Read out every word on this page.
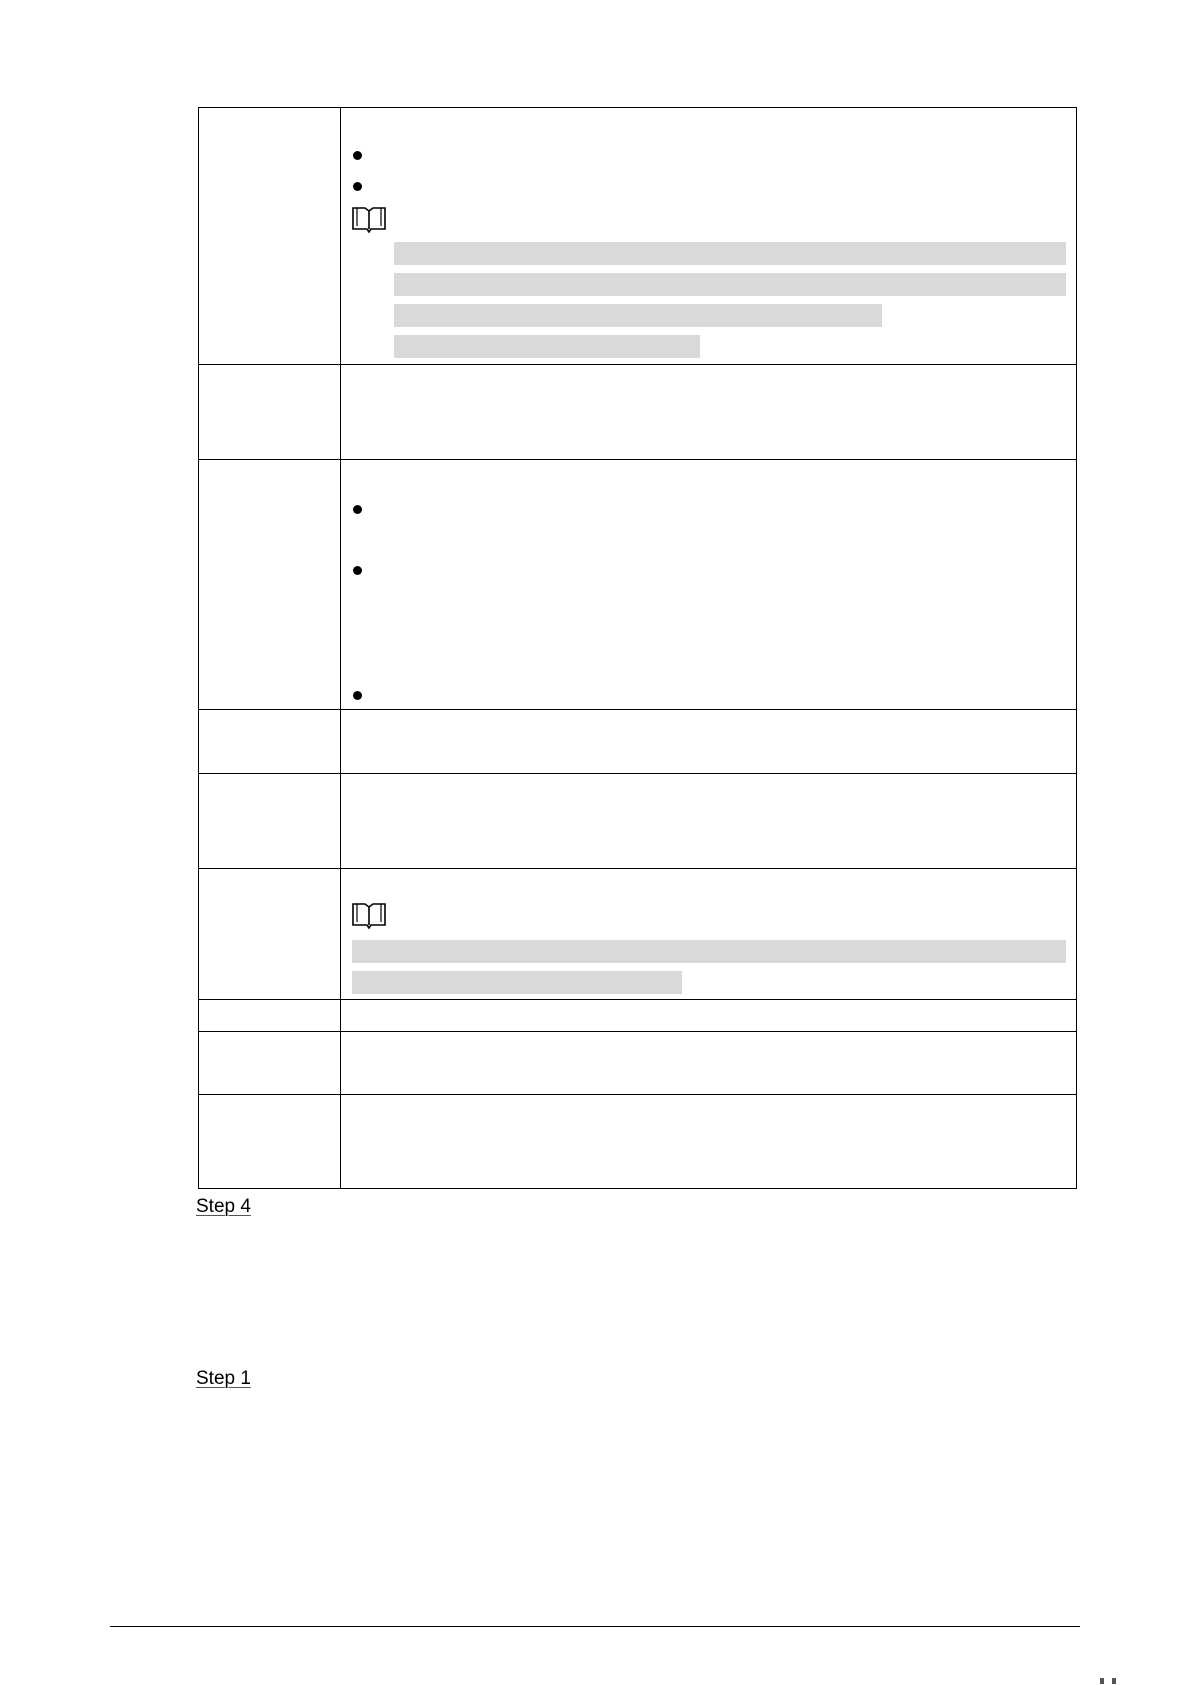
Step 4
Step 1
